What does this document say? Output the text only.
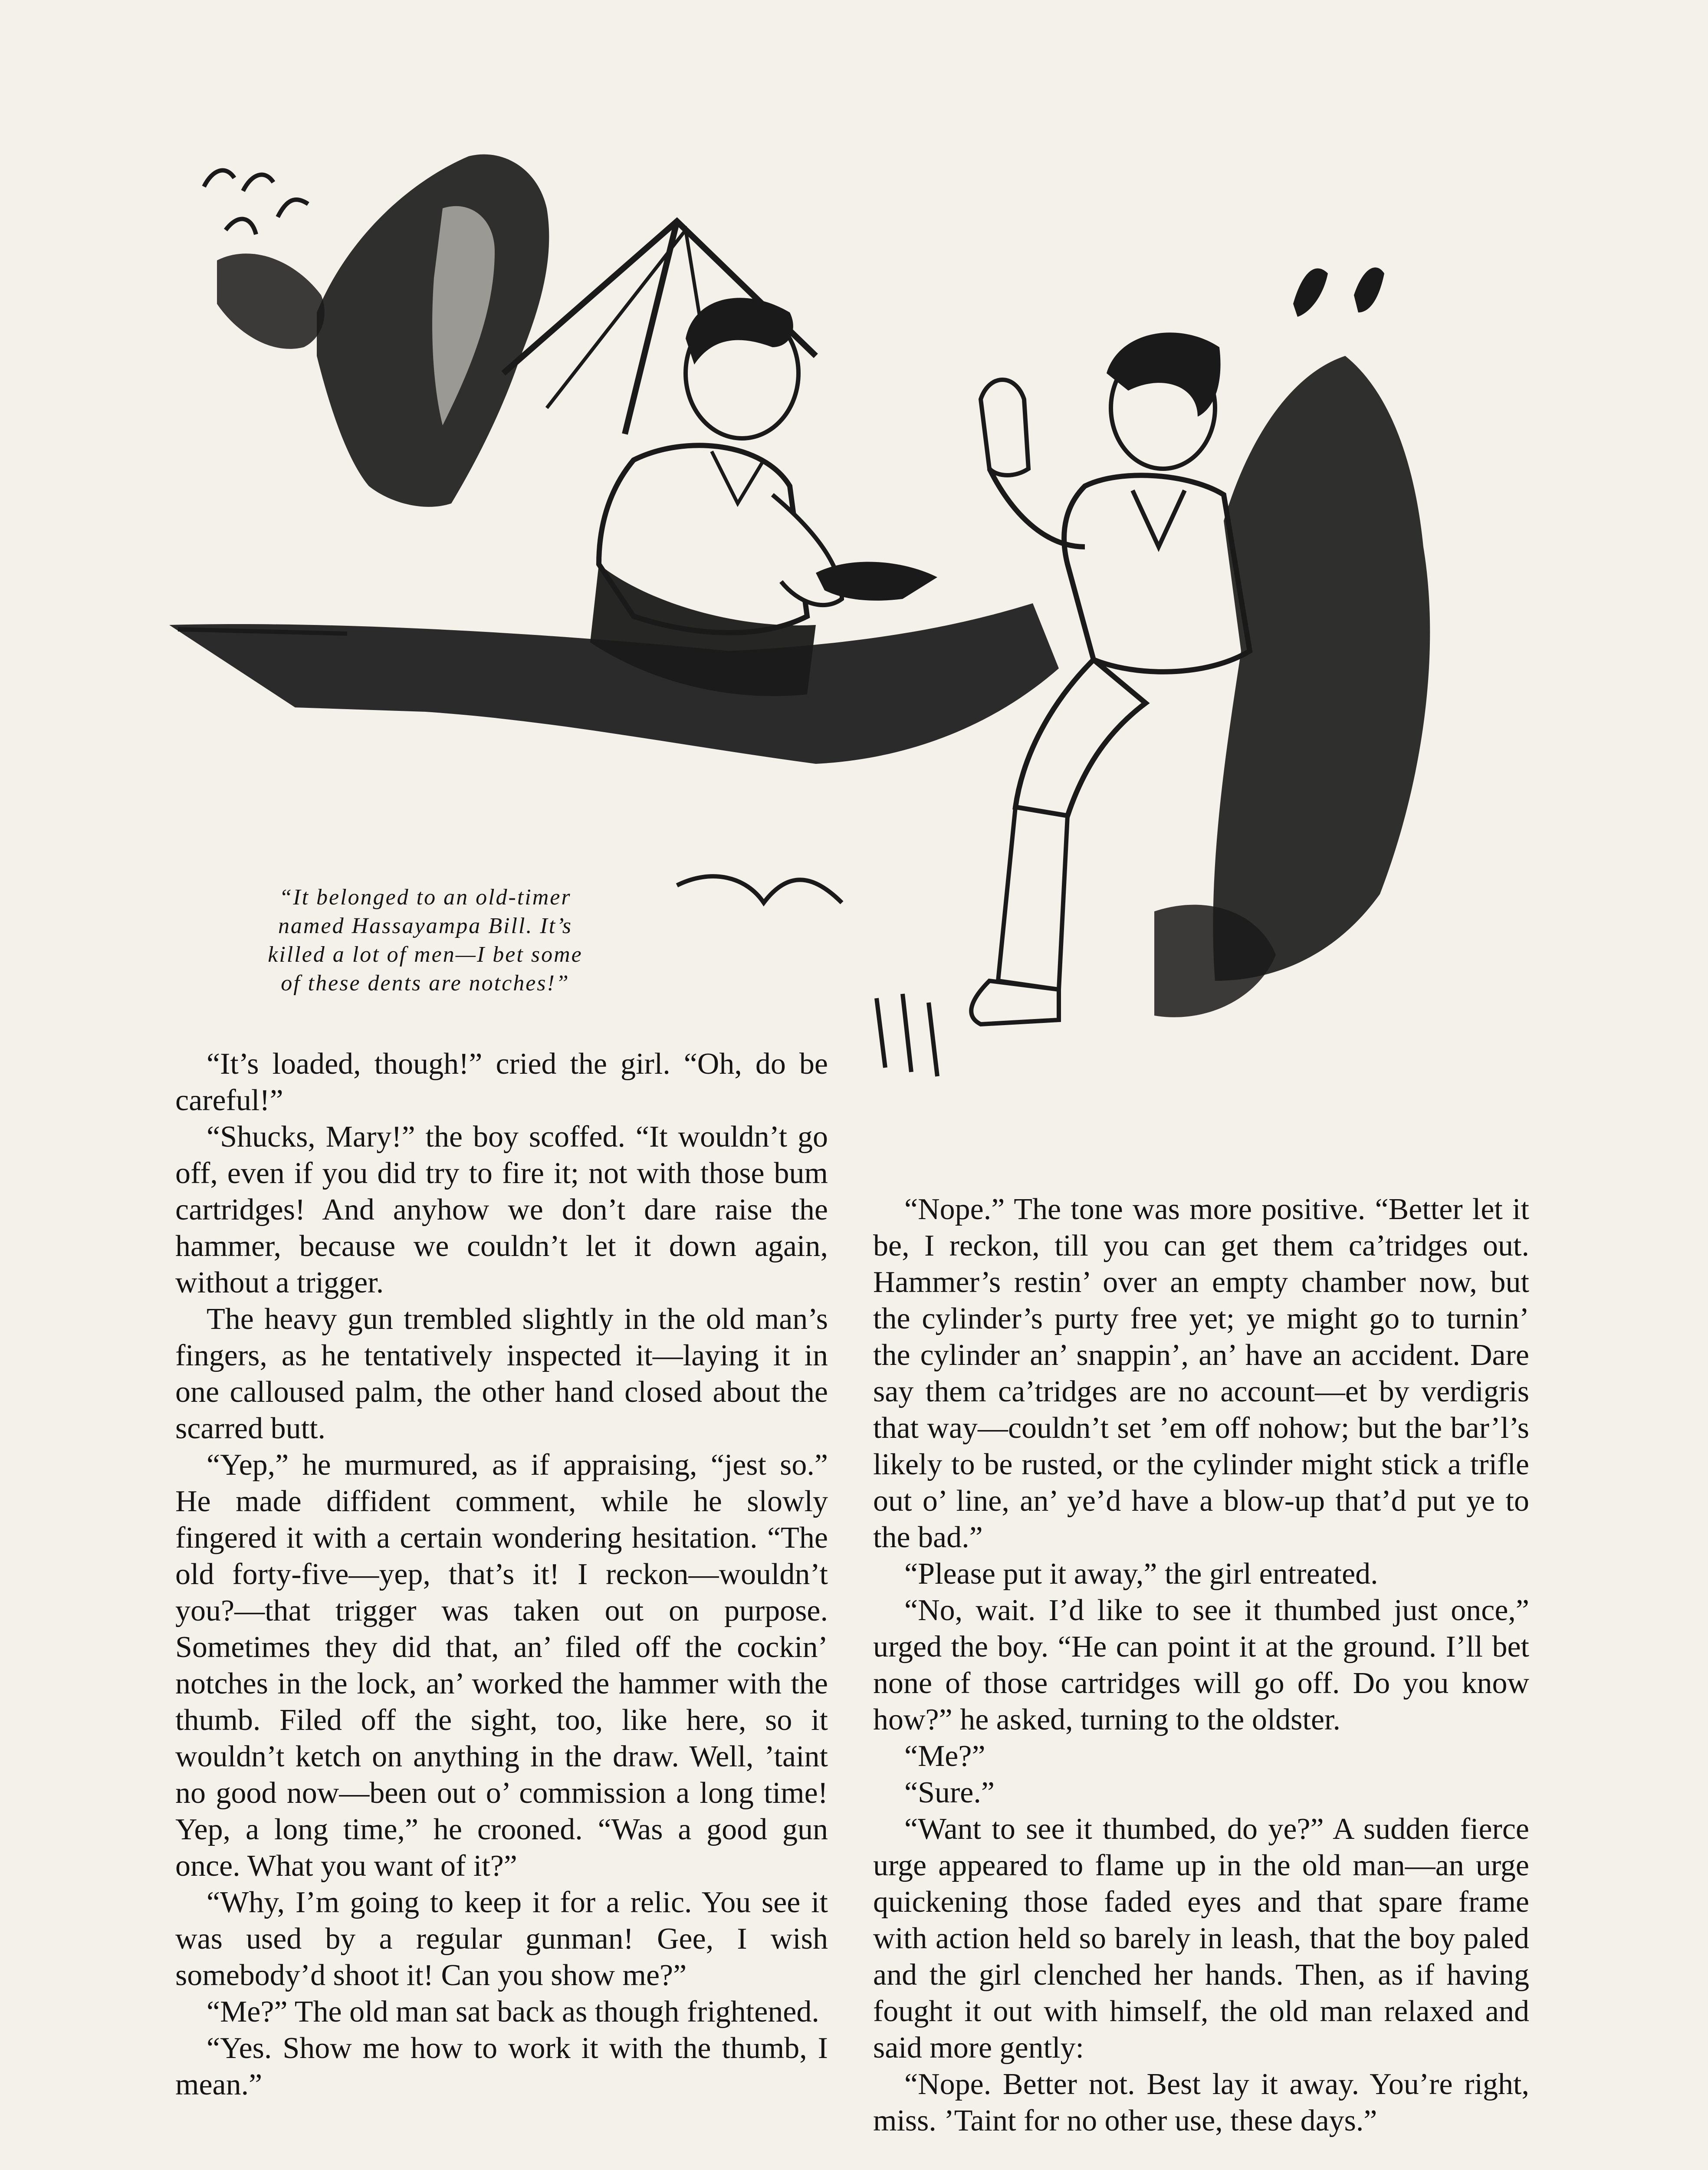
“It belonged to an old-timer
named Hassayampa Bill. It’s
killed a lot of men—I bet some
of these dents are notches!”

“It’s loaded, though!” cried the girl. “Oh, do be careful!”

“Shucks, Mary!” the boy scoffed. “It wouldn’t go off, even if you did try to fire it; not with those bum cartridges! And anyhow we don’t dare raise the hammer, because we couldn’t let it down again, without a trigger.

The heavy gun trembled slightly in the old man’s fingers, as he tentatively inspected it—laying it in one calloused palm, the other hand closed about the scarred butt.

“Yep,” he murmured, as if appraising, “jest so.” He made diffident comment, while he slowly fingered it with a certain wondering hesitation. “The old forty-five—yep, that’s it! I reckon—wouldn’t you?—that trigger was taken out on purpose. Sometimes they did that, an’ filed off the cockin’ notches in the lock, an’ worked the hammer with the thumb. Filed off the sight, too, like here, so it wouldn’t ketch on anything in the draw. Well, ’taint no good now—been out o’ commission a long time! Yep, a long time,” he crooned. “Was a good gun once. What you want of it?”

“Why, I’m going to keep it for a relic. You see it was used by a regular gunman! Gee, I wish somebody’d shoot it! Can you show me?”

“Me?” The old man sat back as though frightened.

“Yes. Show me how to work it with the thumb, I mean.”

“Nope.” The tone was more positive. “Better let it be, I reckon, till you can get them ca’tridges out. Hammer’s restin’ over an empty chamber now, but the cylinder’s purty free yet; ye might go to turnin’ the cylinder an’ snappin’, an’ have an accident. Dare say them ca’tridges are no account—et by verdigris that way—couldn’t set ’em off nohow; but the bar’l’s likely to be rusted, or the cylinder might stick a trifle out o’ line, an’ ye’d have a blow-up that’d put ye to the bad.”

“Please put it away,” the girl entreated.

“No, wait. I’d like to see it thumbed just once,” urged the boy. “He can point it at the ground. I’ll bet none of those cartridges will go off. Do you know how?” he asked, turning to the oldster.

“Me?”

“Sure.”

“Want to see it thumbed, do ye?” A sudden fierce urge appeared to flame up in the old man—an urge quickening those faded eyes and that spare frame with action held so barely in leash, that the boy paled and the girl clenched her hands. Then, as if having fought it out with himself, the old man relaxed and said more gently:

“Nope. Better not. Best lay it away. You’re right, miss. ’Taint for no other use, these days.”
